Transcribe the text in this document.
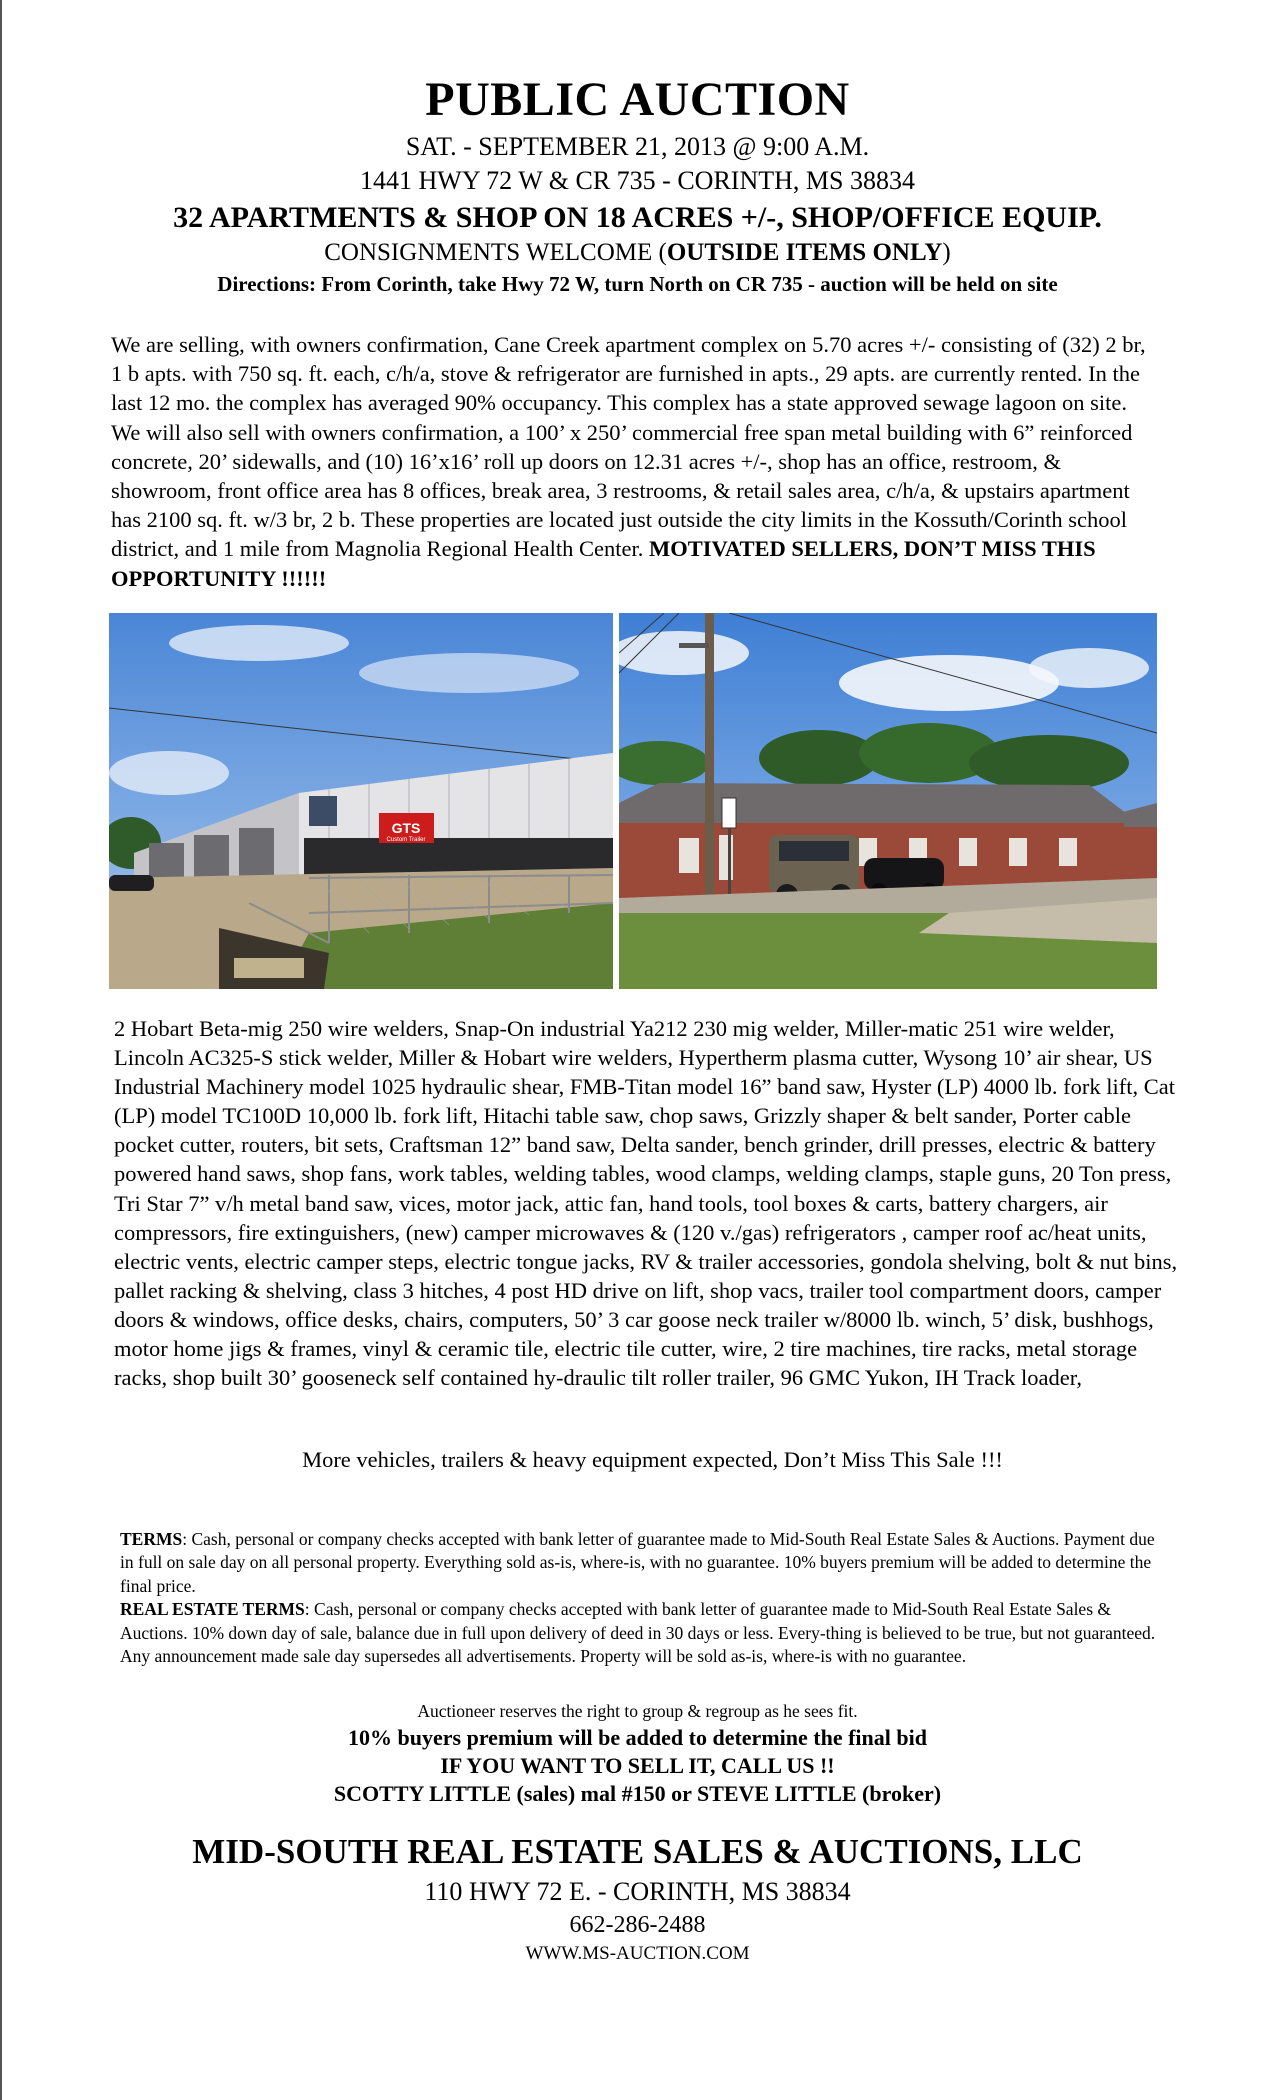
PUBLIC AUCTION
SAT. - SEPTEMBER 21, 2013 @ 9:00 A.M.
1441 HWY 72 W & CR 735 - CORINTH, MS 38834
32 APARTMENTS & SHOP ON 18 ACRES +/-, SHOP/OFFICE EQUIP.
CONSIGNMENTS WELCOME (OUTSIDE ITEMS ONLY)
Directions: From Corinth, take Hwy 72 W, turn North on CR 735 - auction will be held on site
We are selling, with owners confirmation, Cane Creek apartment complex on 5.70 acres +/- consisting of (32) 2 br, 1 b apts. with 750 sq. ft. each, c/h/a, stove & refrigerator are furnished in apts., 29 apts. are currently rented. In the last 12 mo. the complex has averaged 90% occupancy. This complex has a state approved sewage lagoon on site. We will also sell with owners confirmation, a 100’ x 250’ commercial free span metal building with 6” reinforced concrete, 20’ sidewalls, and (10) 16’x16’ roll up doors on 12.31 acres +/-, shop has an office, restroom, & showroom, front office area has 8 offices, break area, 3 restrooms, & retail sales area, c/h/a, & upstairs apartment has 2100 sq. ft. w/3 br, 2 b. These properties are located just outside the city limits in the Kossuth/Corinth school district, and 1 mile from Magnolia Regional Health Center. MOTIVATED SELLERS, DON’T MISS THIS OPPORTUNITY !!!!!!
GTS
Custom Trailer
2 Hobart Beta-mig 250 wire welders, Snap-On industrial Ya212 230 mig welder, Miller-matic 251 wire welder, Lincoln AC325-S stick welder, Miller & Hobart wire welders, Hypertherm plasma cutter, Wysong 10’ air shear, US Industrial Machinery model 1025 hydraulic shear, FMB-Titan model 16” band saw, Hyster (LP) 4000 lb. fork lift, Cat (LP) model TC100D 10,000 lb. fork lift, Hitachi table saw, chop saws, Grizzly shaper & belt sander, Porter cable pocket cutter, routers, bit sets, Craftsman 12” band saw, Delta sander, bench grinder, drill presses, electric & battery powered hand saws, shop fans, work tables, welding tables, wood clamps, welding clamps, staple guns, 20 Ton press, Tri Star 7” v/h metal band saw, vices, motor jack, attic fan, hand tools, tool boxes & carts, battery chargers, air compressors, fire extinguishers, (new) camper microwaves & (120 v./gas) refrigerators , camper roof ac/heat units, electric vents, electric camper steps, electric tongue jacks, RV & trailer accessories, gondola shelving, bolt & nut bins, pallet racking & shelving, class 3 hitches, 4 post HD drive on lift, shop vacs, trailer tool compartment doors, camper doors & windows, office desks, chairs, computers, 50’ 3 car goose neck trailer w/8000 lb. winch, 5’ disk, bushhogs, motor home jigs & frames, vinyl & ceramic tile, electric tile cutter, wire, 2 tire machines, tire racks, metal storage racks, shop built 30’ gooseneck self contained hy-draulic tilt roller trailer, 96 GMC Yukon, IH Track loader,
More vehicles, trailers & heavy equipment expected, Don’t Miss This Sale !!!
TERMS: Cash, personal or company checks accepted with bank letter of guarantee made to Mid-South Real Estate Sales & Auctions. Payment due in full on sale day on all personal property. Everything sold as-is, where-is, with no guarantee. 10% buyers premium will be added to determine the final price.
REAL ESTATE TERMS: Cash, personal or company checks accepted with bank letter of guarantee made to Mid-South Real Estate Sales & Auctions. 10% down day of sale, balance due in full upon delivery of deed in 30 days or less. Every-thing is believed to be true, but not guaranteed. Any announcement made sale day supersedes all advertisements. Property will be sold as-is, where-is with no guarantee.
Auctioneer reserves the right to group & regroup as he sees fit.
10% buyers premium will be added to determine the final bid
IF YOU WANT TO SELL IT, CALL US !!
SCOTTY LITTLE (sales) mal #150 or STEVE LITTLE (broker)
MID-SOUTH REAL ESTATE SALES & AUCTIONS, LLC
110 HWY 72 E. - CORINTH, MS 38834
662-286-2488
WWW.MS-AUCTION.COM
